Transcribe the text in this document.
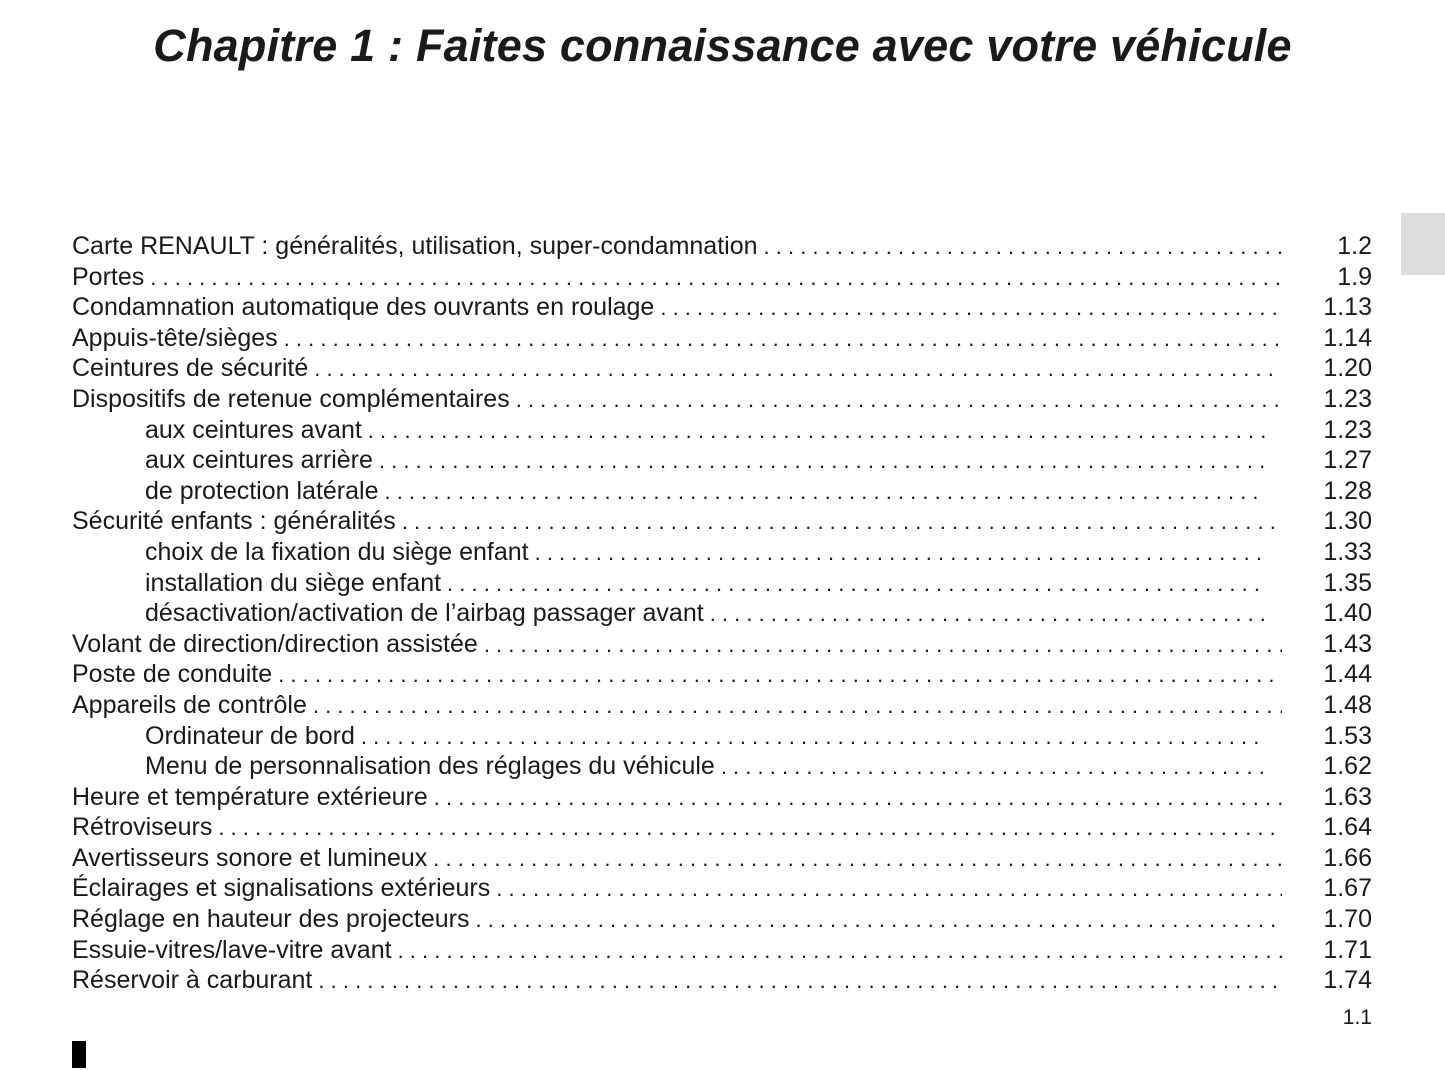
Chapitre 1 : Faites connaissance avec votre véhicule
Carte RENAULT : généralités, utilisation, super-condamnation . . .	1.2
Portes . . .	1.9
Condamnation automatique des ouvrants en roulage . . .	1.13
Appuis-tête/sièges . . .	1.14
Ceintures de sécurité . . .	1.20
Dispositifs de retenue complémentaires . . .	1.23
aux ceintures avant . . .	1.23
aux ceintures arrière . . .	1.27
de protection latérale . . .	1.28
Sécurité enfants : généralités . . .	1.30
choix de la fixation du siège enfant . . .	1.33
installation du siège enfant . . .	1.35
désactivation/activation de l’airbag passager avant . . .	1.40
Volant de direction/direction assistée . . .	1.43
Poste de conduite . . .	1.44
Appareils de contrôle . . .	1.48
Ordinateur de bord . . .	1.53
Menu de personnalisation des réglages du véhicule . . .	1.62
Heure et température extérieure . . .	1.63
Rétroviseurs . . .	1.64
Avertisseurs sonore et lumineux . . .	1.66
Éclairages et signalisations extérieurs . . .	1.67
Réglage en hauteur des projecteurs . . .	1.70
Essuie-vitres/lave-vitre avant . . .	1.71
Réservoir à carburant . . .	1.74
1.1
